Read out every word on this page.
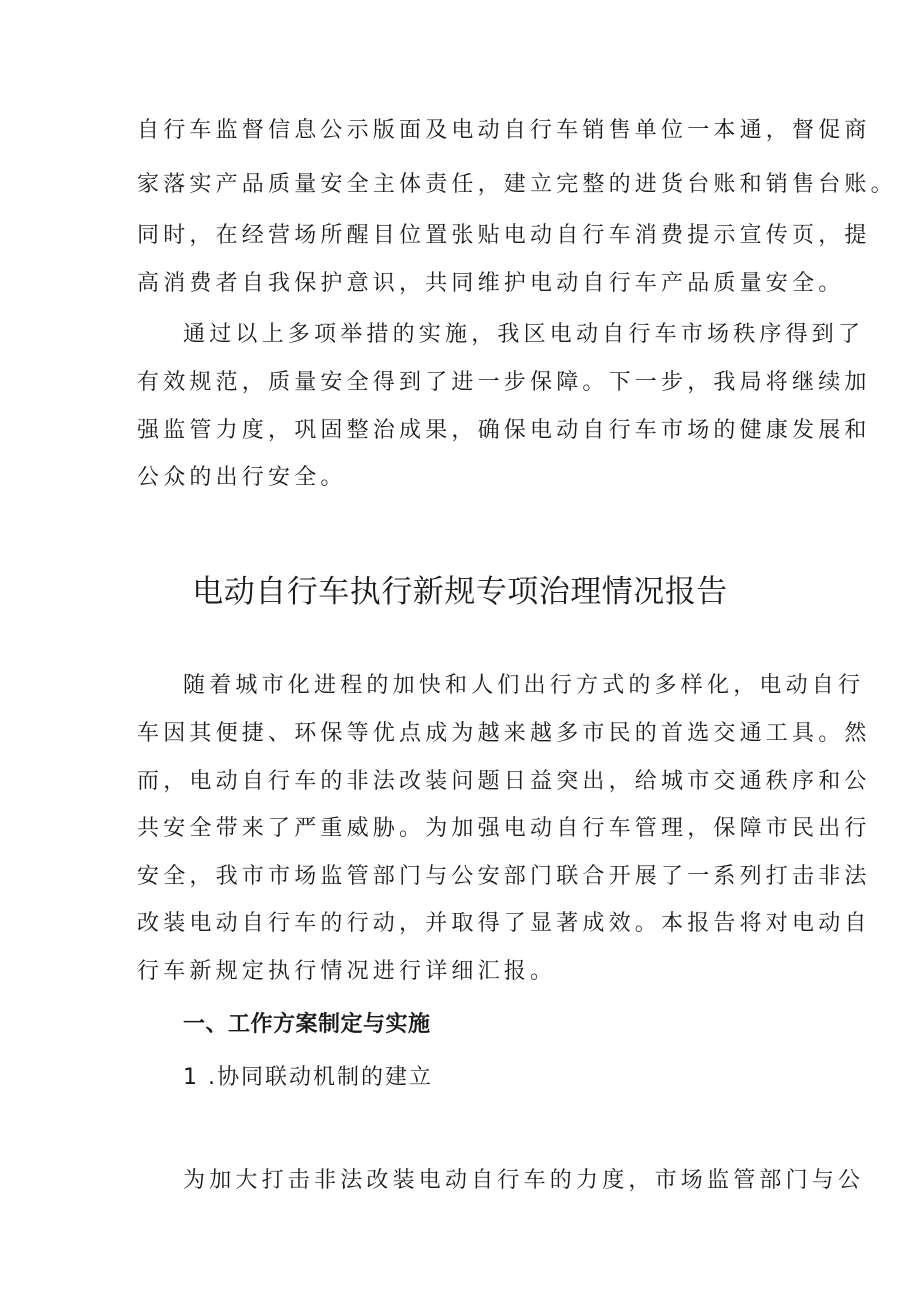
自行车监督信息公示版面及电动自行车销售单位一本通，督促商
家落实产品质量安全主体责任，建立完整的进货台账和销售台账。
同时，在经营场所醒目位置张贴电动自行车消费提示宣传页，提
高消费者自我保护意识，共同维护电动自行车产品质量安全。
通过以上多项举措的实施，我区电动自行车市场秩序得到了
有效规范，质量安全得到了进一步保障。下一步，我局将继续加
强监管力度，巩固整治成果，确保电动自行车市场的健康发展和
公众的出行安全。
电动自行车执行新规专项治理情况报告
随着城市化进程的加快和人们出行方式的多样化，电动自行
车因其便捷、环保等优点成为越来越多市民的首选交通工具。然
而，电动自行车的非法改装问题日益突出，给城市交通秩序和公
共安全带来了严重威胁。为加强电动自行车管理，保障市民出行
安全，我市市场监管部门与公安部门联合开展了一系列打击非法
改装电动自行车的行动，并取得了显著成效。本报告将对电动自
行车新规定执行情况进行详细汇报。
一、工作方案制定与实施
1 .协同联动机制的建立
为加大打击非法改装电动自行车的力度，市场监管部门与公
